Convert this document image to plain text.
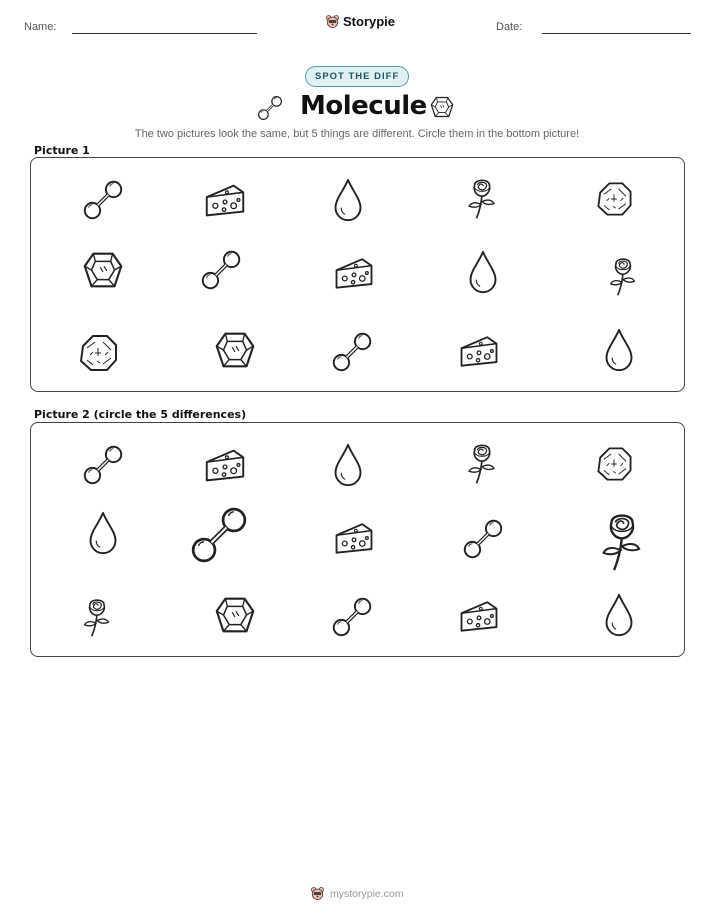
Name:	Storypie	Date:
SPOT THE DIFF
Molecule
The two pictures look the same, but 5 things are different. Circle them in the bottom picture!
Picture 1
Picture 2 (circle the 5 differences)
mystorypie.com
